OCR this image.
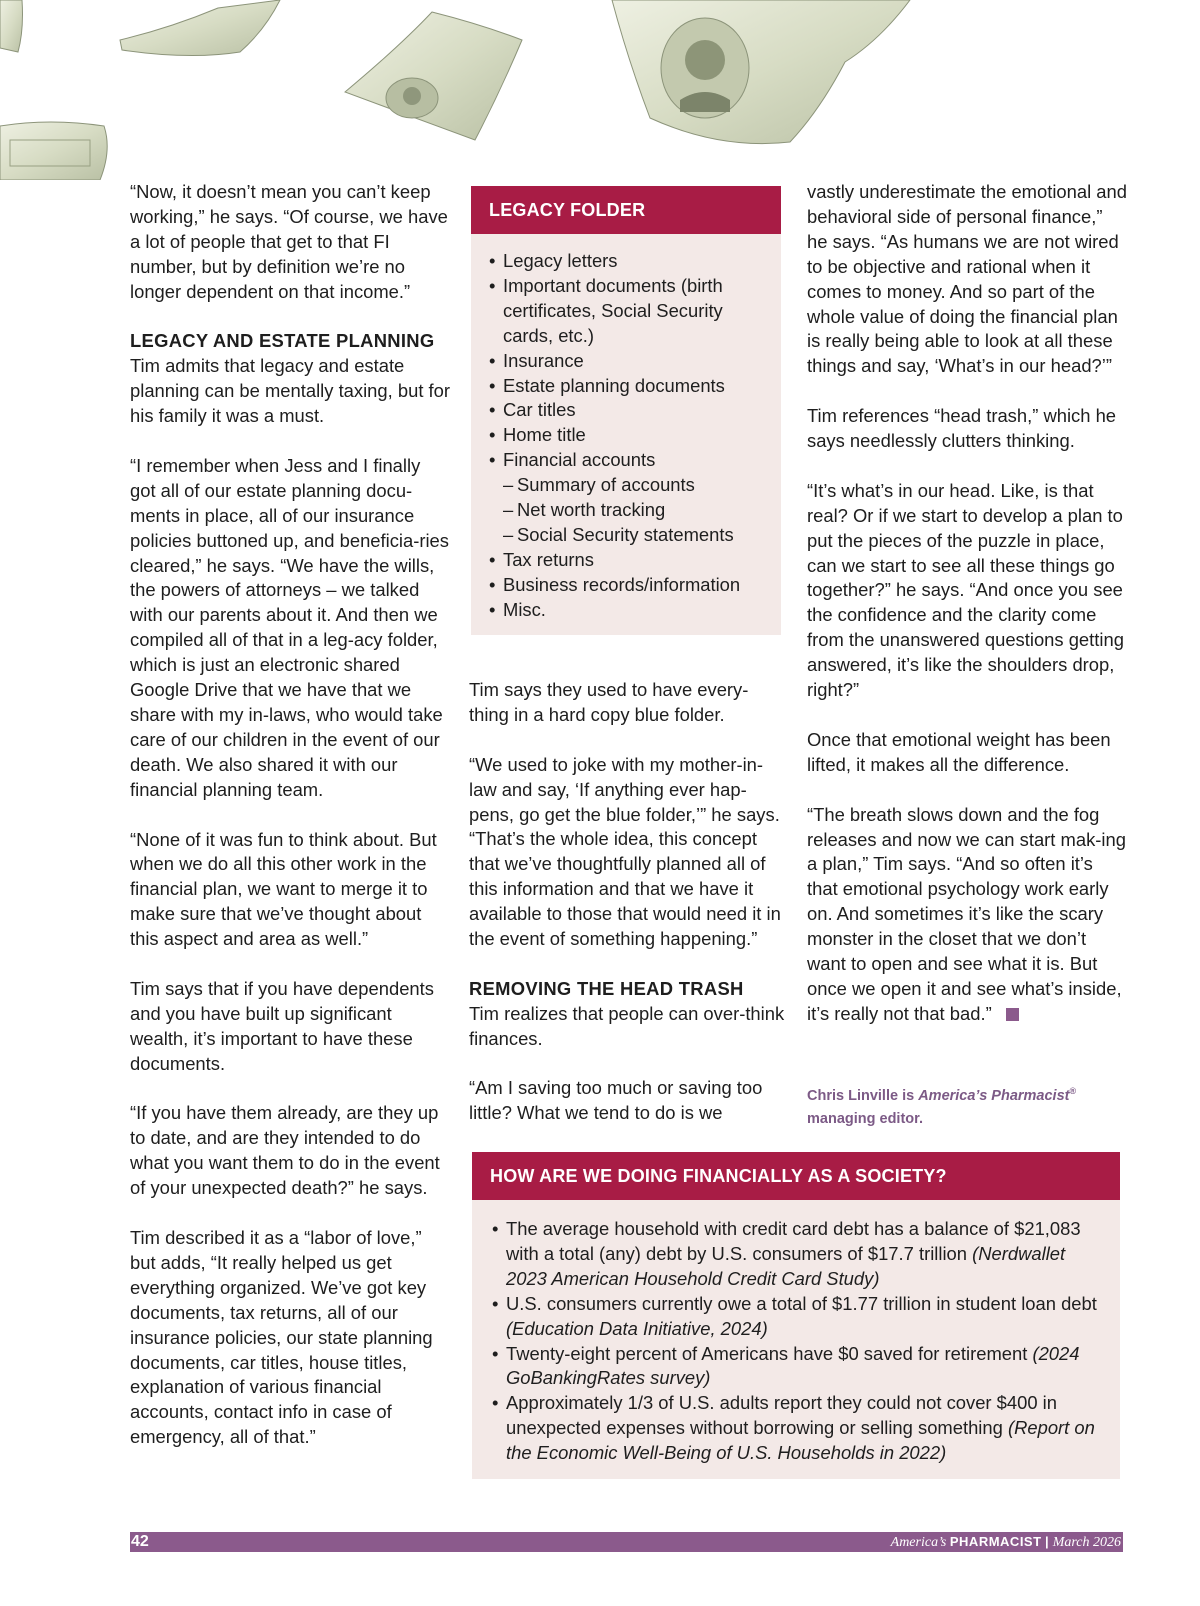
“Now, it doesn’t mean you can’t keep working,” he says. “Of course, we have a lot of people that get to that FI number, but by definition we’re no longer dependent on that income.”

LEGACY AND ESTATE PLANNING

Tim admits that legacy and estate planning can be mentally taxing, but for his family it was a must.

“I remember when Jess and I finally got all of our estate planning docu-ments in place, all of our insurance policies buttoned up, and beneficia-ries cleared,” he says. “We have the wills, the powers of attorneys – we talked with our parents about it. And then we compiled all of that in a leg-acy folder, which is just an electronic shared Google Drive that we have that we share with my in-laws, who would take care of our children in the event of our death. We also shared it with our financial planning team.

“None of it was fun to think about. But when we do all this other work in the financial plan, we want to merge it to make sure that we’ve thought about this aspect and area as well.”

Tim says that if you have dependents and you have built up significant wealth, it’s important to have these documents.

“If you have them already, are they up to date, and are they intended to do what you want them to do in the event of your unexpected death?” he says.

Tim described it as a “labor of love,” but adds, “It really helped us get everything organized. We’ve got key documents, tax returns, all of our insurance policies, our state planning documents, car titles, house titles, explanation of various financial accounts, contact info in case of emergency, all of that.”

LEGACY FOLDER
• Legacy letters
• Important documents (birth certificates, Social Security cards, etc.)
• Insurance
• Estate planning documents
• Car titles
• Home title
• Financial accounts
– Summary of accounts
– Net worth tracking
– Social Security statements
• Tax returns
• Business records/information
• Misc.

Tim says they used to have every-thing in a hard copy blue folder.

“We used to joke with my mother-in-law and say, ‘If anything ever hap-pens, go get the blue folder,’” he says. “That’s the whole idea, this concept that we’ve thoughtfully planned all of this information and that we have it available to those that would need it in the event of something happening.”

REMOVING THE HEAD TRASH

Tim realizes that people can over-think finances.

“Am I saving too much or saving too little? What we tend to do is we

vastly underestimate the emotional and behavioral side of personal finance,” he says. “As humans we are not wired to be objective and rational when it comes to money. And so part of the whole value of doing the financial plan is really being able to look at all these things and say, ‘What’s in our head?’”

Tim references “head trash,” which he says needlessly clutters thinking.

“It’s what’s in our head. Like, is that real? Or if we start to develop a plan to put the pieces of the puzzle in place, can we start to see all these things go together?” he says. “And once you see the confidence and the clarity come from the unanswered questions getting answered, it’s like the shoulders drop, right?”

Once that emotional weight has been lifted, it makes all the difference.

“The breath slows down and the fog releases and now we can start mak-ing a plan,” Tim says. “And so often it’s that emotional psychology work early on. And sometimes it’s like the scary monster in the closet that we don’t want to open and see what it is. But once we open it and see what’s inside, it’s really not that bad.”

Chris Linville is America’s Pharmacist® managing editor.
HOW ARE WE DOING FINANCIALLY AS A SOCIETY?
• The average household with credit card debt has a balance of $21,083 with a total (any) debt by U.S. consumers of $17.7 trillion (Nerdwallet 2023 American Household Credit Card Study)
• U.S. consumers currently owe a total of $1.77 trillion in student loan debt (Education Data Initiative, 2024)
• Twenty-eight percent of Americans have $0 saved for retirement (2024 GoBankingRates survey)
• Approximately 1/3 of U.S. adults report they could not cover $400 in unexpected expenses without borrowing or selling something (Report on the Economic Well-Being of U.S. Households in 2022)
42	America’s PHARMACIST | March 2026
